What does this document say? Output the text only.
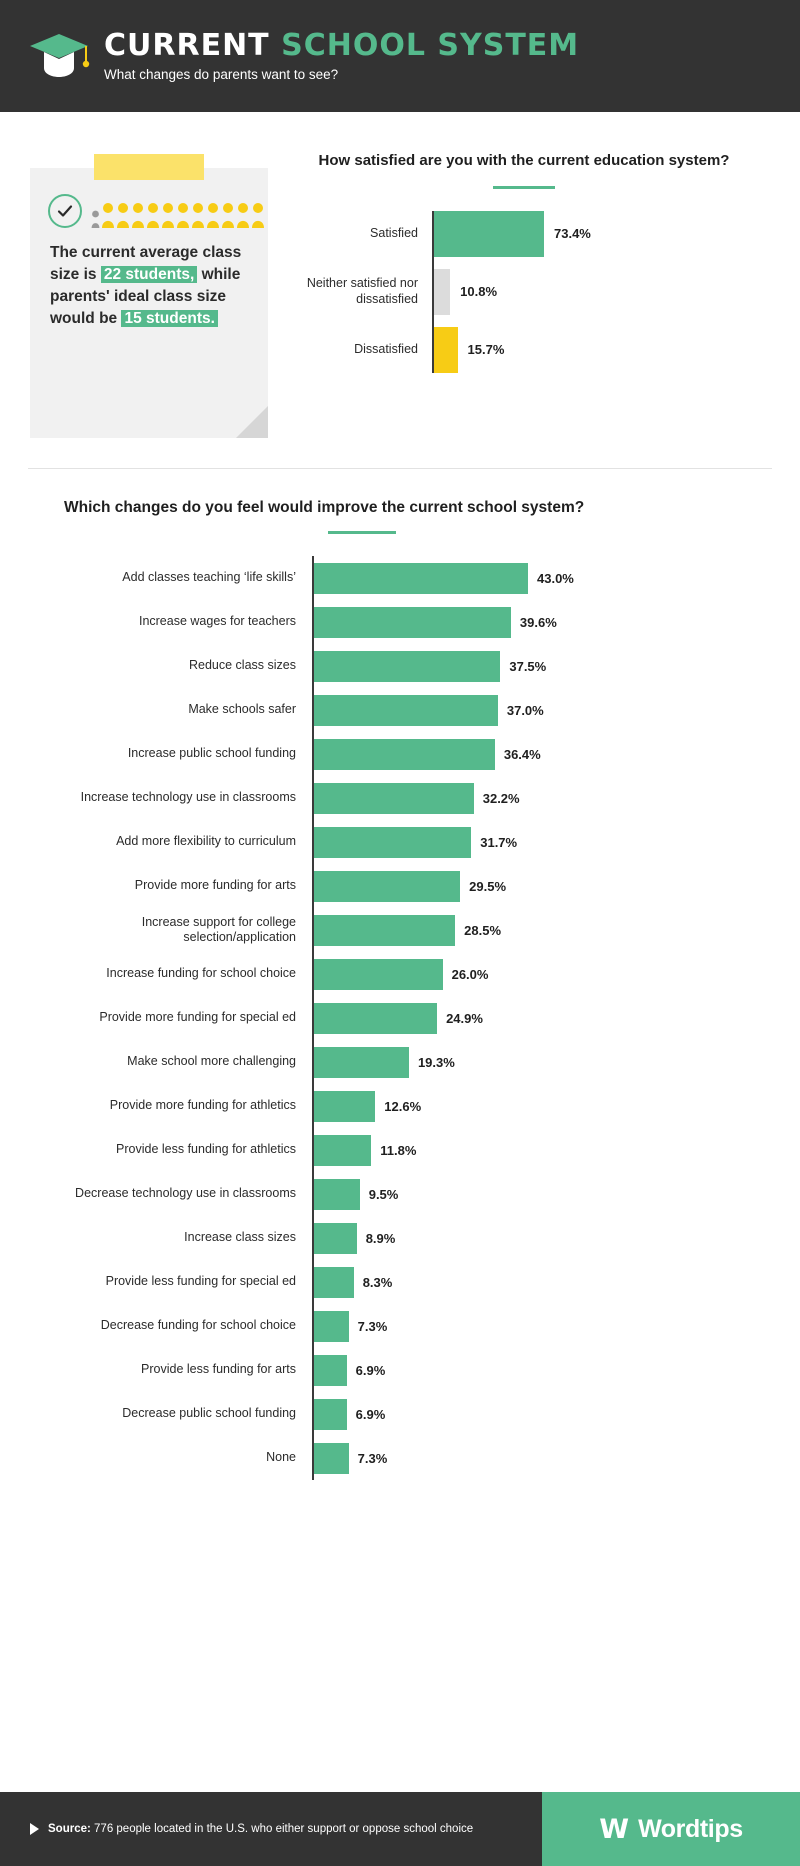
CURRENT SCHOOL SYSTEM
What changes do parents want to see?
The current average class size is 22 students, while parents' ideal class size would be 15 students.
How satisfied are you with the current education system?
Satisfied	73.4%
Neither satisfied nor dissatisfied	10.8%
Dissatisfied	15.7%
Which changes do you feel would improve the current school system?
Add classes teaching ‘life skills’	43.0%
Increase wages for teachers	39.6%
Reduce class sizes	37.5%
Make schools safer	37.0%
Increase public school funding	36.4%
Increase technology use in classrooms	32.2%
Add more flexibility to curriculum	31.7%
Provide more funding for arts	29.5%
Increase support for college selection/application	28.5%
Increase funding for school choice	26.0%
Provide more funding for special ed	24.9%
Make school more challenging	19.3%
Provide more funding for athletics	12.6%
Provide less funding for athletics	11.8%
Decrease technology use in classrooms	9.5%
Increase class sizes	8.9%
Provide less funding for special ed	8.3%
Decrease funding for school choice	7.3%
Provide less funding for arts	6.9%
Decrease public school funding	6.9%
None	7.3%
Source: 776 people located in the U.S. who either support or oppose school choice	W Wordtips
